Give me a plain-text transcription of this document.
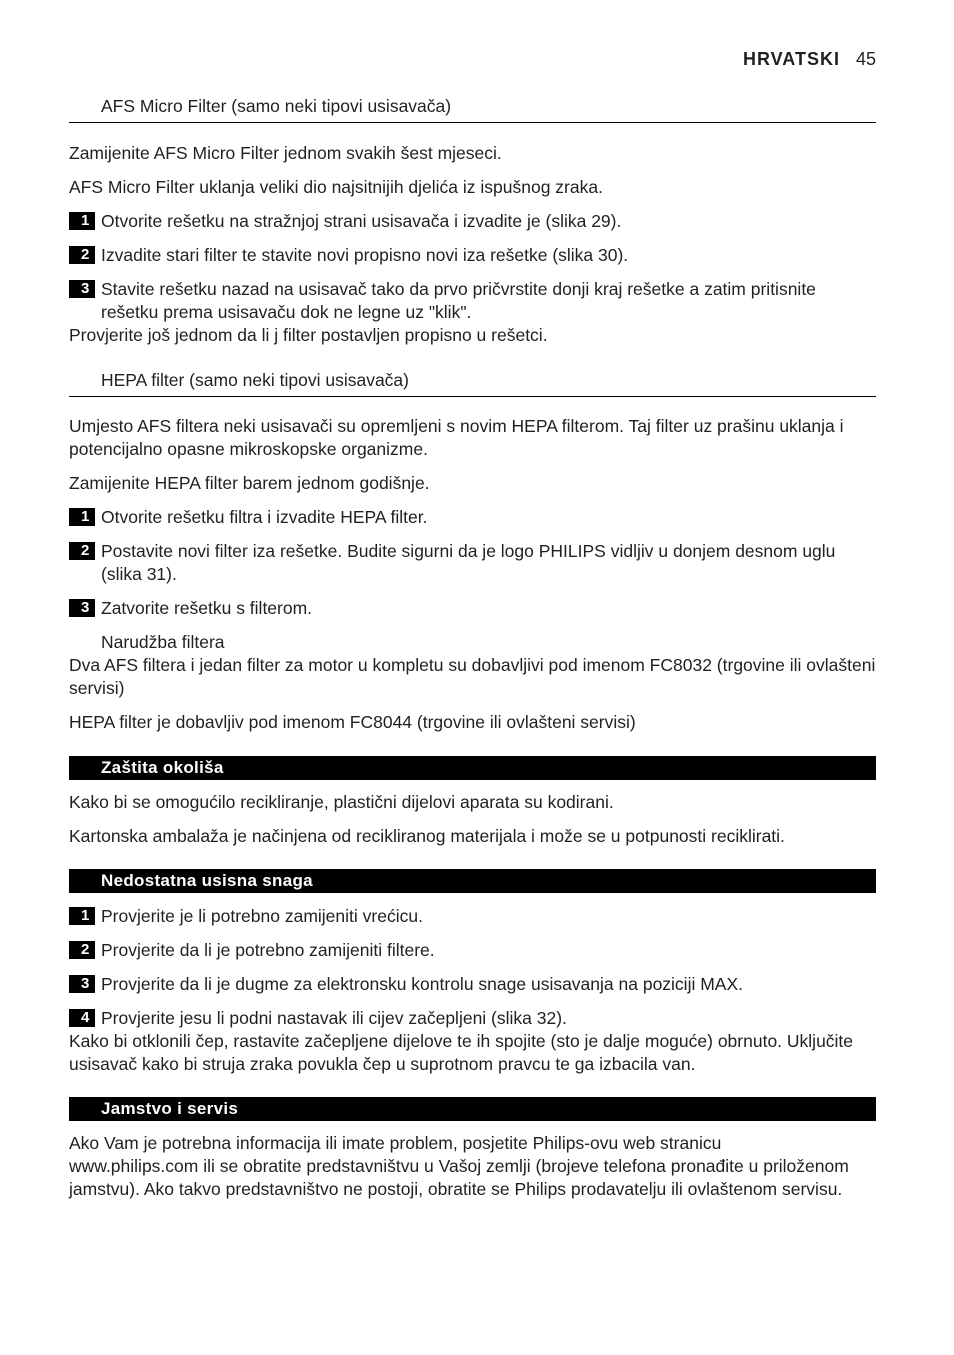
HRVATSKI 45
AFS Micro Filter (samo neki tipovi usisavača)
Zamijenite AFS Micro Filter jednom svakih šest mjeseci.
AFS Micro Filter uklanja veliki dio najsitnijih djelića iz ispušnog zraka.
1 Otvorite rešetku na stražnjoj strani usisavača i izvadite je (slika 29).
2 Izvadite stari filter te stavite novi propisno novi iza rešetke (slika 30).
3 Stavite rešetku nazad na usisavač tako da prvo pričvrstite donji kraj rešetke a zatim pritisnite rešetku prema usisavaču dok ne legne uz "klik".
Provjerite još jednom da li j filter postavljen propisno u rešetci.
HEPA filter (samo neki tipovi usisavača)
Umjesto AFS filtera neki usisavači su opremljeni s novim HEPA filterom. Taj filter uz prašinu uklanja i potencijalno opasne mikroskopske organizme.
Zamijenite HEPA filter barem jednom godišnje.
1 Otvorite rešetku filtra i izvadite HEPA filter.
2 Postavite novi filter iza rešetke. Budite sigurni da je logo PHILIPS vidljiv u donjem desnom uglu (slika 31).
3 Zatvorite rešetku s filterom.
Narudžba filtera
Dva AFS filtera i jedan filter za motor u kompletu su dobavljivi pod imenom FC8032 (trgovine ili ovlašteni servisi)
HEPA filter je dobavljiv pod imenom FC8044 (trgovine ili ovlašteni servisi)
Zaštita okoliša
Kako bi se omogućilo recikliranje, plastični dijelovi aparata su kodirani.
Kartonska ambalaža je načinjena od recikliranog materijala i može se u potpunosti reciklirati.
Nedostatna usisna snaga
1 Provjerite je li potrebno zamijeniti vrećicu.
2 Provjerite da li je potrebno zamijeniti filtere.
3 Provjerite da li je dugme za elektronsku kontrolu snage usisavanja na poziciji MAX.
4 Provjerite jesu li podni nastavak ili cijev začepljeni (slika 32).
Kako bi otklonili čep, rastavite začepljene dijelove te ih spojite (sto je dalje moguće) obrnuto. Uključite usisavač kako bi struja zraka povukla čep u suprotnom pravcu te ga izbacila van.
Jamstvo i servis
Ako Vam je potrebna informacija ili imate problem, posjetite Philips-ovu web stranicu
www.philips.com ili se obratite predstavništvu u Vašoj zemlji (brojeve telefona pronađite u priloženom jamstvu). Ako takvo predstavništvo ne postoji, obratite se Philips prodavatelju ili ovlaštenom servisu.
